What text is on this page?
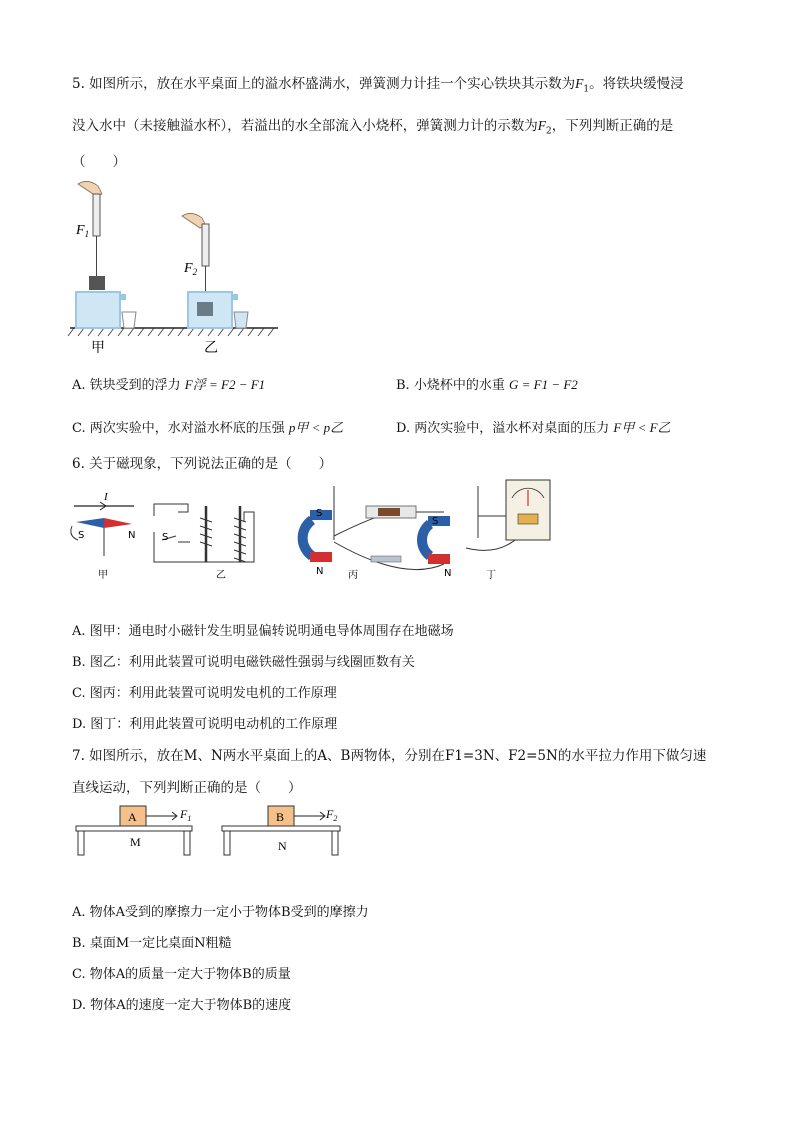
5. 如图所示，放在水平桌面上的溢水杯盛满水，弹簧测力计挂一个实心铁块其示数为$F_1$。将铁块缓慢浸
没入水中（未接触溢水杯），若溢出的水全部流入小烧杯，弹簧测力计的示数为$F_2$，下列判断正确的是
（　　）
$F_1$
$F_2$
甲	乙
A. 铁块受到的浮力 F浮 = F2 − F1	B. 小烧杯中的水重 G = F1 − F2
C. 两次实验中，水对溢水杯底的压强 p甲 < p乙	D. 两次实验中，溢水杯对桌面的压力 F甲 < F乙
6. 关于磁现象，下列说法正确的是（　　）
I
S	N
甲
S
乙
S
N 丙
S
N	丁
A. 图甲：通电时小磁针发生明显偏转说明通电导体周围存在地磁场
B. 图乙：利用此装置可说明电磁铁磁性强弱与线圈匝数有关
C. 图丙：利用此装置可说明发电机的工作原理
D. 图丁：利用此装置可说明电动机的工作原理
7. 如图所示，放在M、N两水平桌面上的A、B两物体，分别在F1=3N、F2=5N的水平拉力作用下做匀速
直线运动，下列判断正确的是（　　）
A	$F_1$
M
B	$F_2$
N
A. 物体A受到的摩擦力一定小于物体B受到的摩擦力
B. 桌面M一定比桌面N粗糙
C. 物体A的质量一定大于物体B的质量
D. 物体A的速度一定大于物体B的速度
